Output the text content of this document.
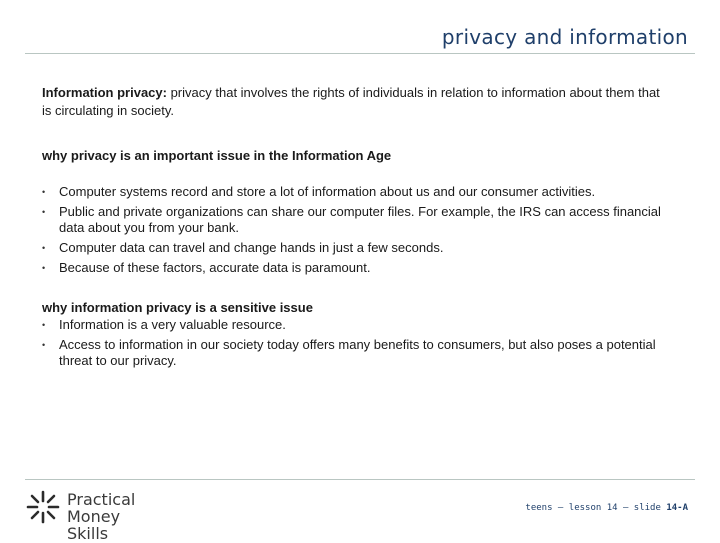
privacy and information

Information privacy: privacy that involves the rights of individuals in relation to information about them that is circulating in society.

why privacy is an important issue in the Information Age

• Computer systems record and store a lot of information about us and our consumer activities.
• Public and private organizations can share our computer files. For example, the IRS can access financial data about you from your bank.
• Computer data can travel and change hands in just a few seconds.
• Because of these factors, accurate data is paramount.

why information privacy is a sensitive issue

• Information is a very valuable resource.
• Access to information in our society today offers many benefits to consumers, but also poses a potential threat to our privacy.
Practical
Money Skills
teens – lesson 14 – slide 14-A
